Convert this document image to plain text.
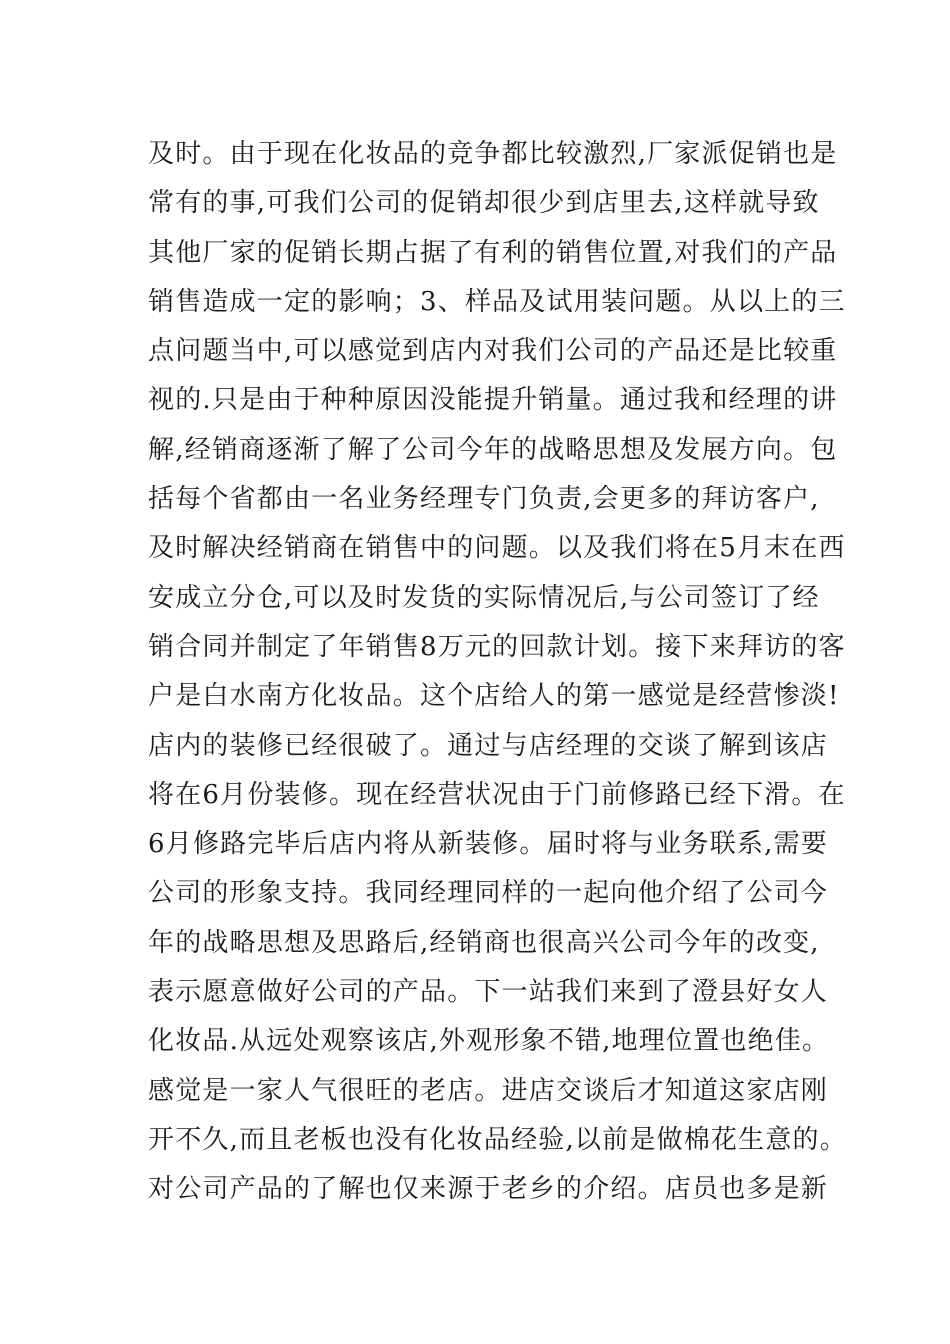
及时。由于现在化妆品的竞争都比较激烈,厂家派促销也是
常有的事,可我们公司的促销却很少到店里去,这样就导致
其他厂家的促销长期占据了有利的销售位置,对我们的产品
销售造成一定的影响；3、样品及试用装问题。从以上的三
点问题当中,可以感觉到店内对我们公司的产品还是比较重
视的.只是由于种种原因没能提升销量。通过我和经理的讲
解,经销商逐渐了解了公司今年的战略思想及发展方向。包
括每个省都由一名业务经理专门负责,会更多的拜访客户,
及时解决经销商在销售中的问题。以及我们将在5月末在西
安成立分仓,可以及时发货的实际情况后,与公司签订了经
销合同并制定了年销售8万元的回款计划。接下来拜访的客
户是白水南方化妆品。这个店给人的第一感觉是经营惨淡!
店内的装修已经很破了。通过与店经理的交谈了解到该店
将在6月份装修。现在经营状况由于门前修路已经下滑。在
6月修路完毕后店内将从新装修。届时将与业务联系,需要
公司的形象支持。我同经理同样的一起向他介绍了公司今
年的战略思想及思路后,经销商也很高兴公司今年的改变,
表示愿意做好公司的产品。下一站我们来到了澄县好女人
化妆品.从远处观察该店,外观形象不错,地理位置也绝佳。
感觉是一家人气很旺的老店。进店交谈后才知道这家店刚
开不久,而且老板也没有化妆品经验,以前是做棉花生意的。
对公司产品的了解也仅来源于老乡的介绍。店员也多是新
